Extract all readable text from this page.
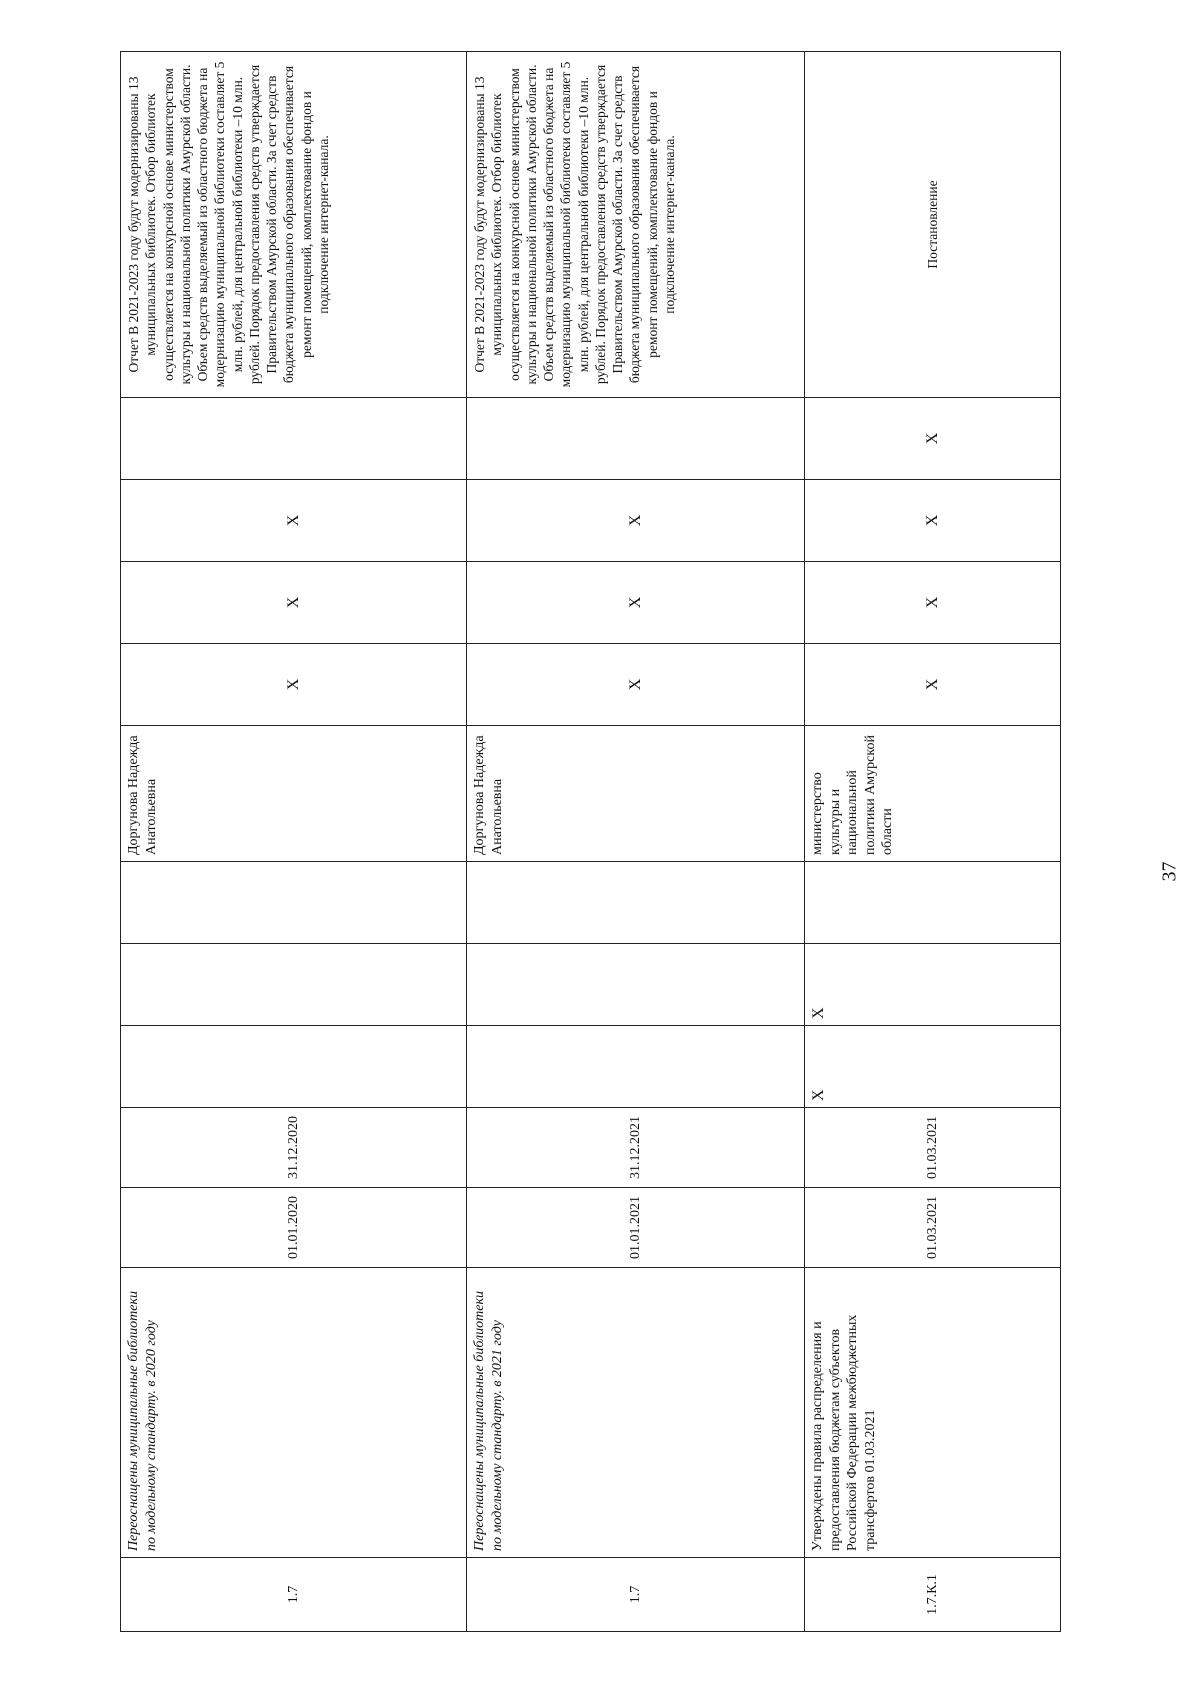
1.7	Переоснащены муниципальные библиотеки по модельному стандарту. в 2020 году	01.01.2020	31.12.2020				Доргунова Надежда Анатольевна	X	X	X		Отчет В 2021-2023 году будут модернизированы 13 муниципальных библиотек. Отбор библиотек осуществляется на конкурсной основе министерством культуры и национальной политики Амурской области. Объем средств выделяемый из областного бюджета на модернизацию муниципальной библиотеки составляет 5 млн. рублей, для центральной библиотеки –10 млн. рублей. Порядок предоставления средств утверждается Правительством Амурской области. За счет средств бюджета муниципального образования обеспечивается ремонт помещений, комплектование фондов и подключение интернет-канала.
1.7	Переоснащены муниципальные библиотеки по модельному стандарту. в 2021 году	01.01.2021	31.12.2021				Доргунова Надежда Анатольевна	X	X	X		Отчет В 2021-2023 году будут модернизированы 13 муниципальных библиотек. Отбор библиотек осуществляется на конкурсной основе министерством культуры и национальной политики Амурской области. Объем средств выделяемый из областного бюджета на модернизацию муниципальной библиотеки составляет 5 млн. рублей, для центральной библиотеки –10 млн. рублей. Порядок предоставления средств утверждается Правительством Амурской области. За счет средств бюджета муниципального образования обеспечивается ремонт помещений, комплектование фондов и подключение интернет-канала.
1.7.К.1	Утверждены правила распределения и предоставления бюджетам субъектов Российской Федерации межбюджетных трансфертов 01.03.2021	01.03.2021	01.03.2021	X	X		министерство культуры и национальной политики Амурской области	X	X	X	X	Постановление
37
